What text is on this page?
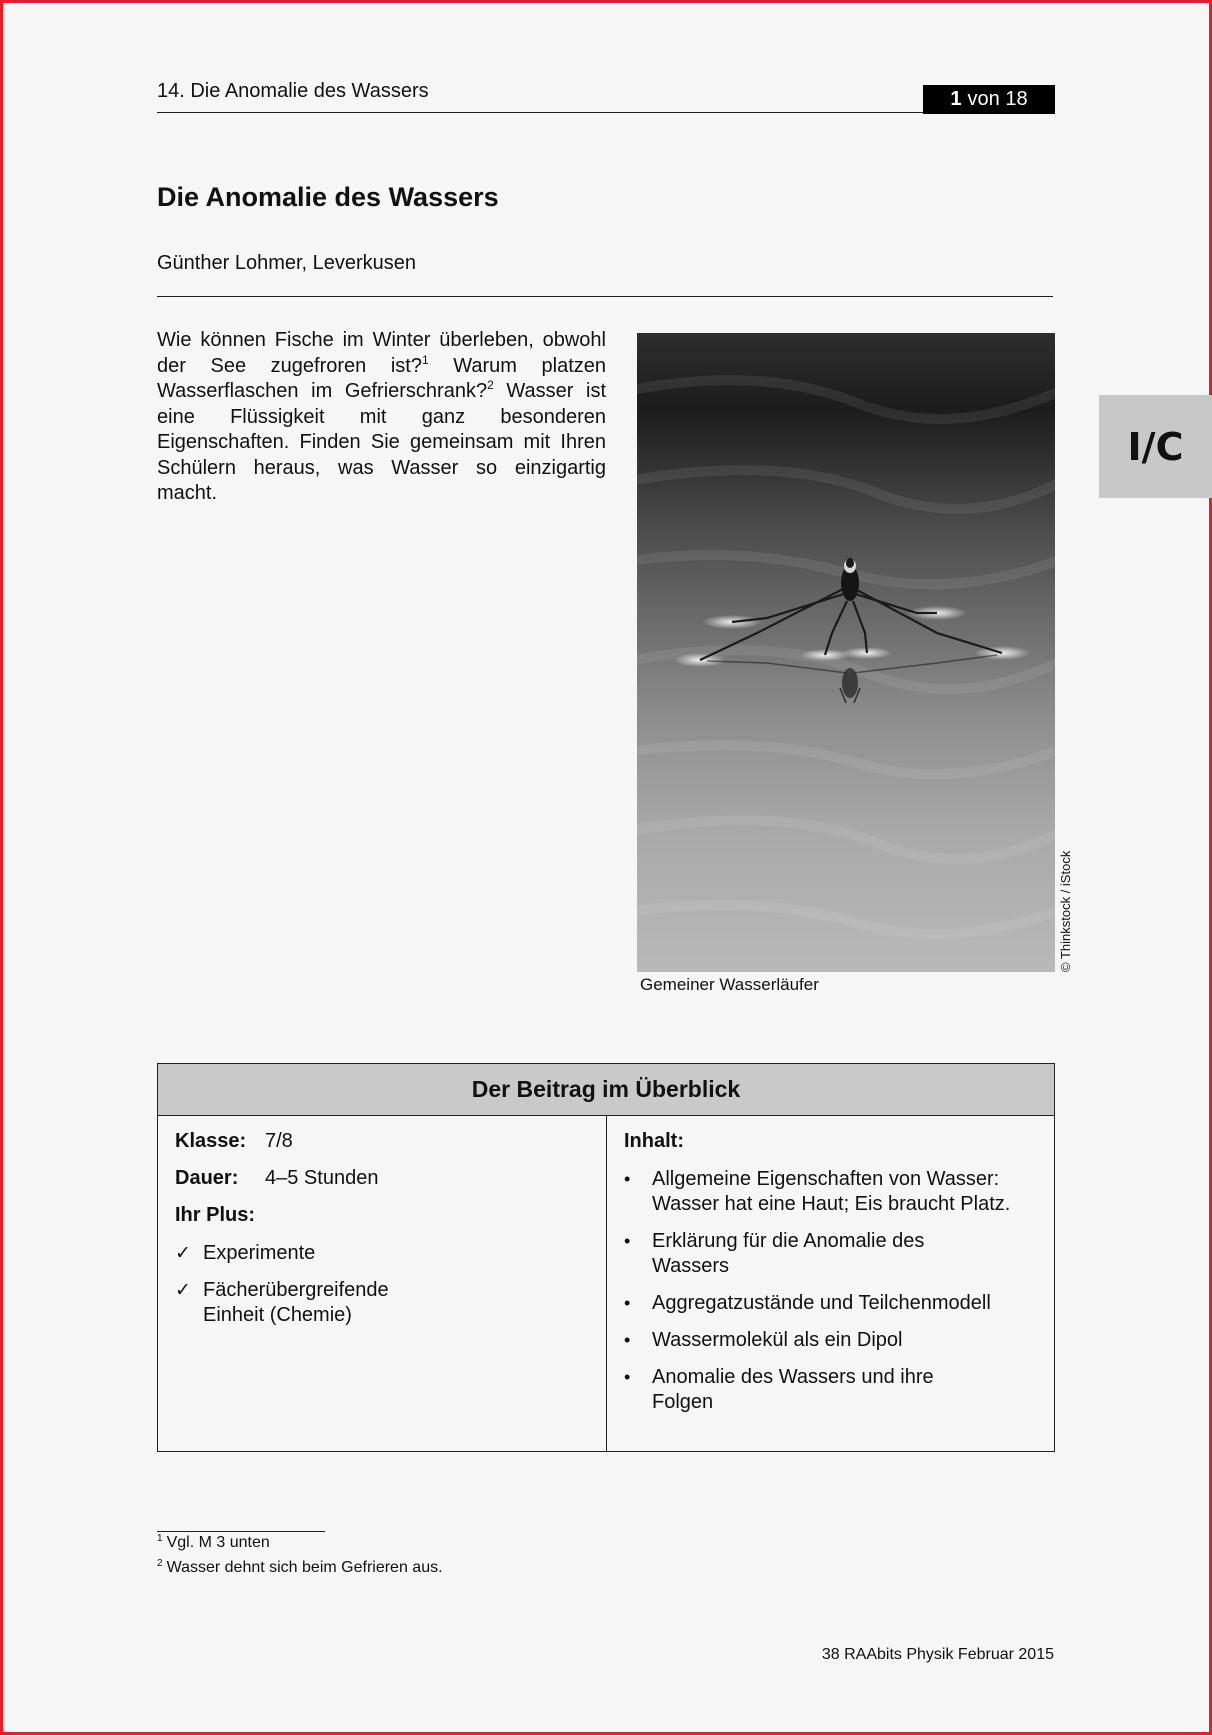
14. Die Anomalie des Wassers	1 von 18
I/C
Die Anomalie des Wassers
Günther Lohmer, Leverkusen
Wie können Fische im Winter überleben, obwohl der See zugefroren ist?$^1$ Warum platzen Wasserflaschen im Gefrierschrank?$^2$ Wasser ist eine Flüssigkeit mit ganz besonderen Eigenschaften. Finden Sie gemeinsam mit Ihren Schülern heraus, was Wasser so einzigartig macht.
© Thinkstock / iStock
Gemeiner Wasserläufer
Der Beitrag im Überblick
Klasse: 7/8
Dauer:	4–5 Stunden
Ihr Plus:
✓ Experimente
✓ Fächerübergreifende Einheit (Chemie)
Inhalt:
•	Allgemeine Eigenschaften von Wasser: Wasser hat eine Haut; Eis braucht Platz.
•	Erklärung für die Anomalie des Wassers
•	Aggregatzustände und Teilchenmodell
•	Wassermolekül als ein Dipol
•	Anomalie des Wassers und ihre Folgen
$^1$ Vgl. M 3 unten
$^2$ Wasser dehnt sich beim Gefrieren aus.
38 RAAbits Physik Februar 2015
